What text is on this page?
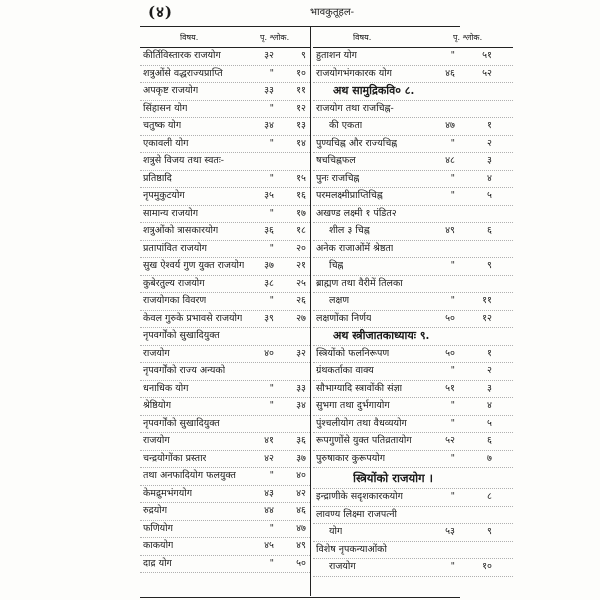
(४)	भावकुतूहल-
विषय.	पृ. श्लोक.
कीर्तिविस्तारक राजयोग	३२	९
शत्रुओंसे वद्धराज्यप्राप्ति	"	१०
अपकृष्ट राजयोग	३३	११
सिंहासन योग	"	१२
चतुष्क योग	३४	१३
एकावली योग	"	१४
शत्रुसे विजय तथा स्वतः-
प्रतिष्ठादि	"	१५
नृपमुकुटयोग	३५	१६
सामान्य राजयोग	"	१७
शत्रुओंको त्रासकारयोग	३६	१८
प्रतापांवित राजयोग	"	२०
सुख ऐश्वर्य गुण युक्त राजयोग	३७	२१
कुबेरतुल्य राजयोग	३८	२५
राजयोगका विवरण	"	२६
केवल गुरुके प्रभावसे राजयोग	३९	२७
नृपवर्गोंको सुखादियुक्त
राजयोग	४०	३२
नृपवर्गोंको राज्य अन्यको
धनाधिक योग	"	३३
श्रेष्ठियोग	"	३४
नृपवर्गोंको सुखादियुक्त
राजयोग	४१	३६
चन्द्रयोगोंका प्रस्तार	४२	३७
तथा अनफादियोग फलयुक्त	"	४०
केमद्रुमभंगयोग	४३	४२
रुद्रयोग	४४	४६
फणियोग	"	४७
काकयोग	४५	४९
दाद्र योग	"	५०
विषय.	पृ. श्लोक.
हुताशन योग	"	५१
राजयोगभंगकारक योग	४६	५२
अथ सामुद्रिकवि० ८.
राजयोग तथा राजचिह्न-
की एकता	४७	१
पुण्यचिह्न और राज्यचिह्न	"	२
षचचिह्नफल	४८	३
पुनः राजचिह्न	"	४
परमलक्ष्मीप्राप्तिचिह्न	"	५
अखण्ड लक्ष्मी १ पंडित२
शील ३ चिह्न	४९	६
अनेक राजाओंमें श्रेष्ठता
चिह्न	"	९
ब्राह्मण तथा वैरीमें तिलका
लक्षण	"	११
लक्षणोंका निर्णय	५०	१२
अथ स्त्रीजातकाध्यायः ९.
स्त्रियोंको फलनिरूपण	५०	१
ग्रंथकर्ताका वाक्य	"	२
सौभाग्यादि स्त्रावोंकी संज्ञा	५१	३
सुभगा तथा दुर्भगायोग	"	४
पुंश्चलीयोग तथा वैधव्ययोग	"	५
रूपगुणोंसे युक्त पतिव्रतायोग	५२	६
पुरुषाकार कुरूपयोग	"	७
स्त्रियोंको राजयोग ।
इन्द्राणीके सदृशकारकयोग	"	८
लावण्य लिक्ष्मा राजपत्नी
योग	५३	९
विशेष नृपकन्याओंको
राजयोग	"	१०
